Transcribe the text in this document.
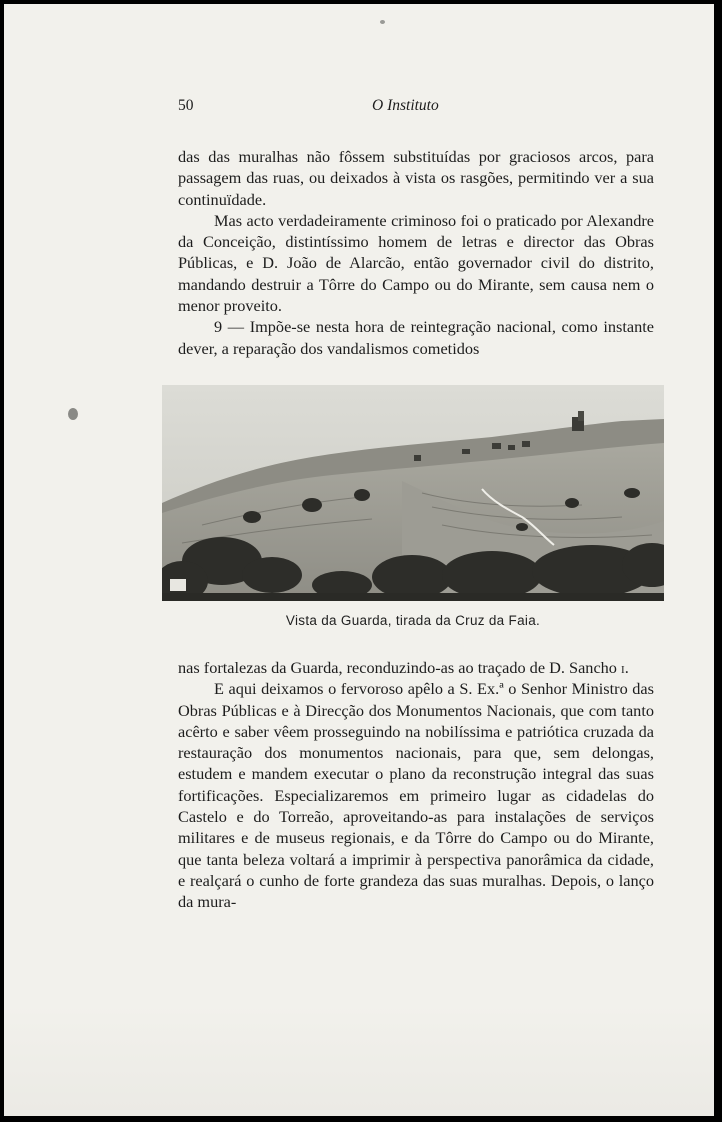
50	O Instituto

das das muralhas não fôssem substituídas por graciosos arcos, para passagem das ruas, ou deixados à vista os rasgões, permitindo ver a sua continuïdade.

Mas acto verdadeiramente criminoso foi o praticado por Alexandre da Conceição, distintíssimo homem de letras e director das Obras Públicas, e D. João de Alarcão, então governador civil do distrito, mandando destruir a Tôrre do Campo ou do Mirante, sem causa nem o menor proveito.

9 — Impõe-se nesta hora de reintegração nacional, como instante dever, a reparação dos vandalismos cometidos

nas fortalezas da Guarda, reconduzindo-as ao traçado de D. Sancho i.

E aqui deixamos o fervoroso apêlo a S. Ex.ª o Senhor Ministro das Obras Públicas e à Direcção dos Monumentos Nacionais, que com tanto acêrto e saber vêem prosseguindo na nobilíssima e patriótica cruzada da restauração dos monumentos nacionais, para que, sem delongas, estudem e mandem executar o plano da reconstrução integral das suas fortificações. Especializaremos em primeiro lugar as cidadelas do Castelo e do Torreão, aproveitando-as para instalações de serviços militares e de museus regionais, e da Tôrre do Campo ou do Mirante, que tanta beleza voltará a imprimir à perspectiva panorâmica da cidade, e realçará o cunho de forte grandeza das suas muralhas. Depois, o lanço da mura-

Vista da Guarda, tirada da Cruz da Faia.
